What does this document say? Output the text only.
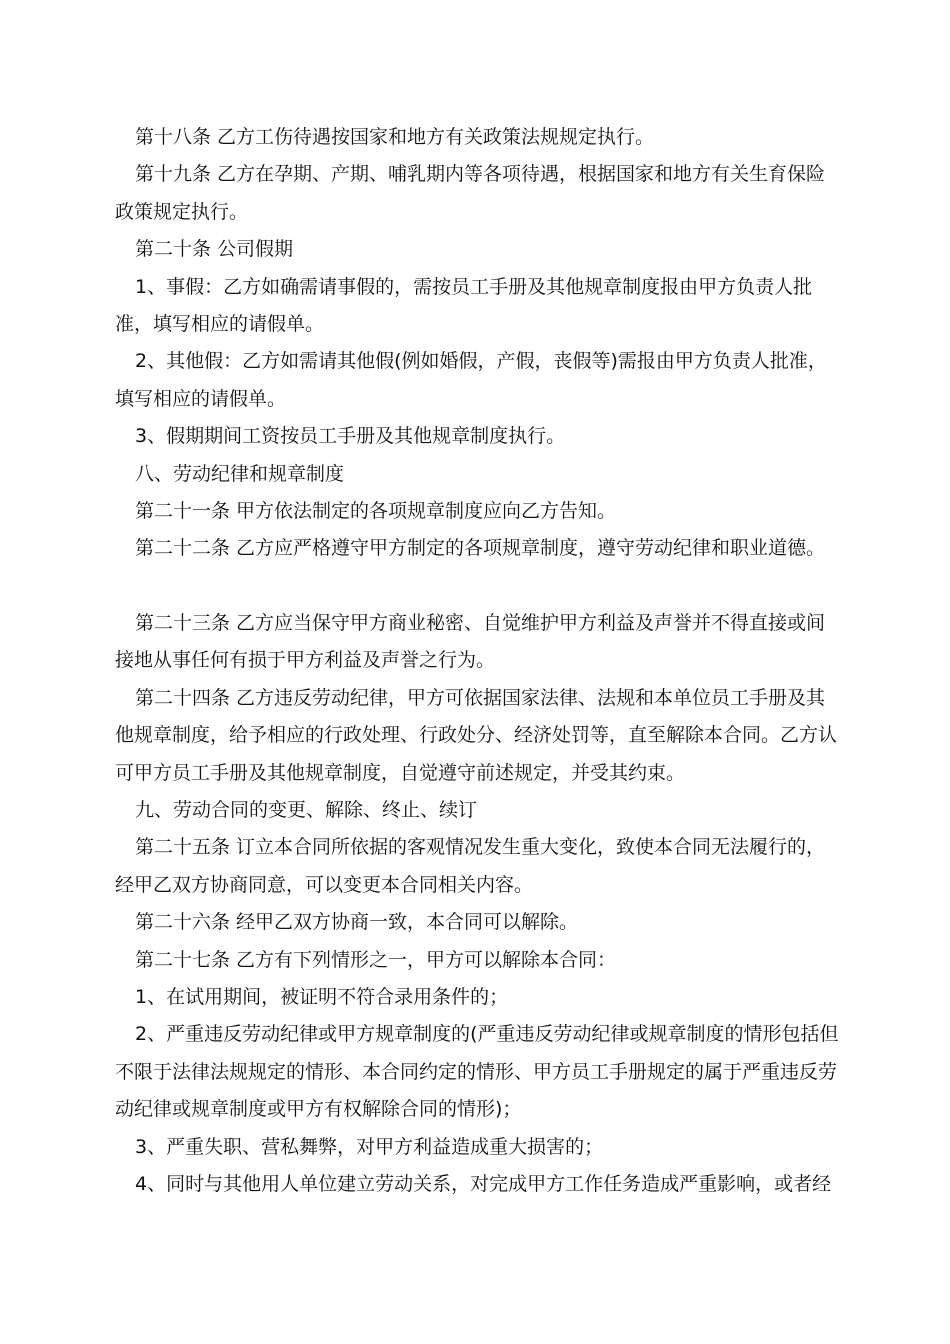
第十八条 乙方工伤待遇按国家和地方有关政策法规规定执行。

第十九条 乙方在孕期、产期、哺乳期内等各项待遇，根据国家和地方有关生育保险政策规定执行。

第二十条 公司假期

1、事假：乙方如确需请事假的，需按员工手册及其他规章制度报由甲方负责人批准，填写相应的请假单。

2、其他假：乙方如需请其他假(例如婚假，产假，丧假等)需报由甲方负责人批准，填写相应的请假单。

3、假期期间工资按员工手册及其他规章制度执行。

八、劳动纪律和规章制度

第二十一条 甲方依法制定的各项规章制度应向乙方告知。

第二十二条 乙方应严格遵守甲方制定的各项规章制度，遵守劳动纪律和职业道德。

第二十三条 乙方应当保守甲方商业秘密、自觉维护甲方利益及声誉并不得直接或间接地从事任何有损于甲方利益及声誉之行为。

第二十四条 乙方违反劳动纪律，甲方可依据国家法律、法规和本单位员工手册及其他规章制度，给予相应的行政处理、行政处分、经济处罚等，直至解除本合同。乙方认可甲方员工手册及其他规章制度，自觉遵守前述规定，并受其约束。

九、劳动合同的变更、解除、终止、续订

第二十五条 订立本合同所依据的客观情况发生重大变化，致使本合同无法履行的，经甲乙双方协商同意，可以变更本合同相关内容。

第二十六条 经甲乙双方协商一致，本合同可以解除。

第二十七条 乙方有下列情形之一，甲方可以解除本合同：

1、在试用期间，被证明不符合录用条件的；

2、严重违反劳动纪律或甲方规章制度的(严重违反劳动纪律或规章制度的情形包括但不限于法律法规规定的情形、本合同约定的情形、甲方员工手册规定的属于严重违反劳动纪律或规章制度或甲方有权解除合同的情形)；

3、严重失职、营私舞弊，对甲方利益造成重大损害的；

4、同时与其他用人单位建立劳动关系，对完成甲方工作任务造成严重影响，或者经
